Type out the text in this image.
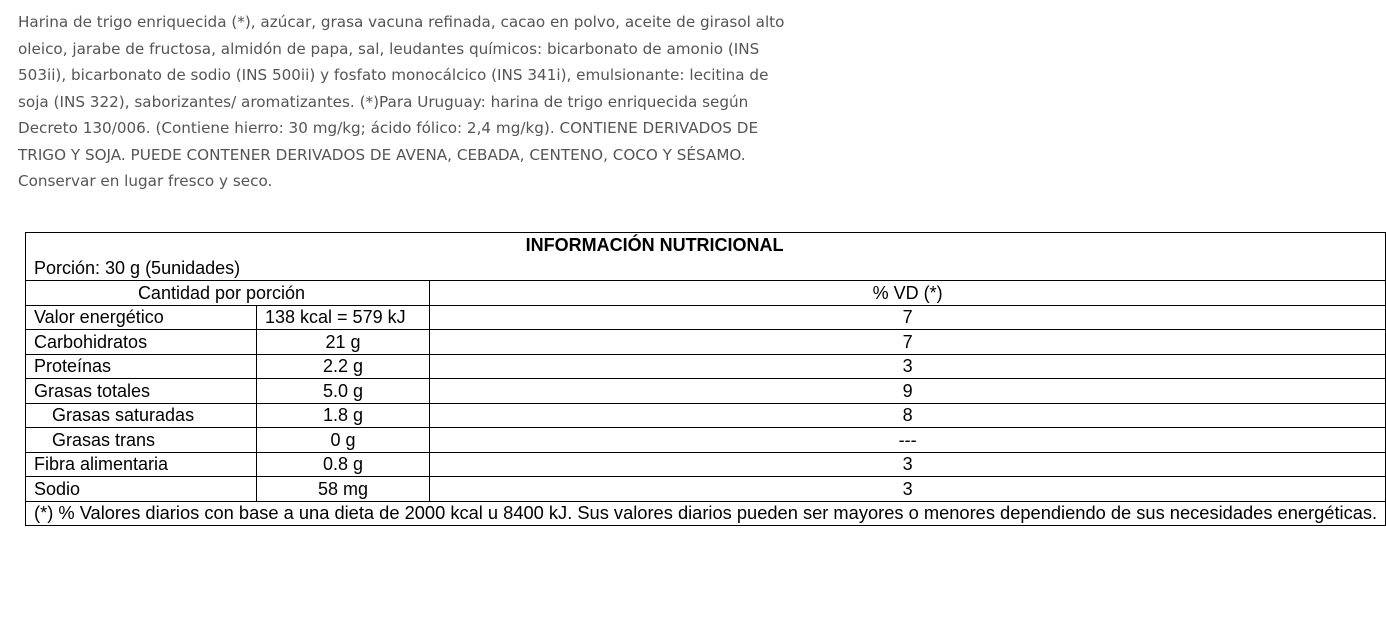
Harina de trigo enriquecida (*), azúcar, grasa vacuna refinada, cacao en polvo, aceite de girasol alto

oleico, jarabe de fructosa, almidón de papa, sal, leudantes químicos: bicarbonato de amonio (INS

503ii), bicarbonato de sodio (INS 500ii) y fosfato monocálcico (INS 341i), emulsionante: lecitina de

soja (INS 322), saborizantes/ aromatizantes. (*)Para Uruguay: harina de trigo enriquecida según

Decreto 130/006. (Contiene hierro: 30 mg/kg; ácido fólico: 2,4 mg/kg). CONTIENE DERIVADOS DE

TRIGO Y SOJA. PUEDE CONTENER DERIVADOS DE AVENA, CEBADA, CENTENO, COCO Y SÉSAMO.

Conservar en lugar fresco y seco.

INFORMACIÓN NUTRICIONAL		
Porción: 30 g (5unidades)		
Cantidad por porción		% VD (*)
Valor energético	138 kcal = 579 kJ	7
Carbohidratos	21 g	7
Proteínas	2.2 g	3
Grasas totales	5.0 g	9
Grasas saturadas	1.8 g	8
Grasas trans	0 g	---
Fibra alimentaria	0.8 g	3
Sodio	58 mg	3
(*) % Valores diarios con base a una dieta de 2000 kcal u 8400 kJ. Sus valores diarios pueden ser mayores o menores dependiendo de sus necesidades energéticas.		
